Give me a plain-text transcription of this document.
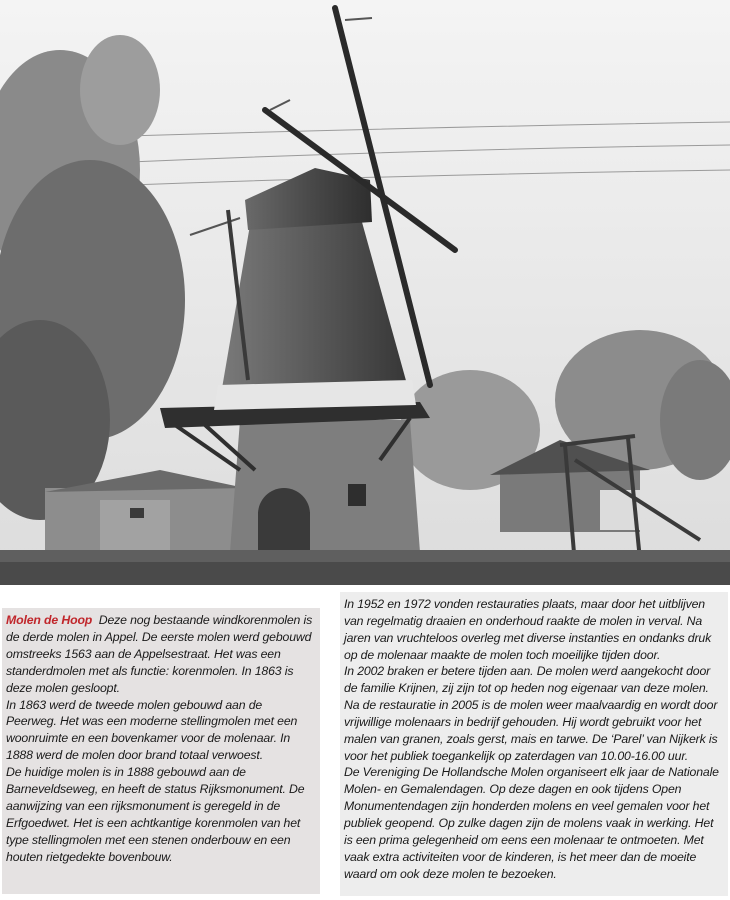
Molen de Hoop Deze nog bestaande windkorenmolen is de derde molen in Appel. De eerste molen werd gebouwd omstreeks 1563 aan de Appelsestraat. Het was een standerdmolen met als functie: korenmolen. In 1863 is deze molen gesloopt.

In 1863 werd de tweede molen gebouwd aan de Peerweg. Het was een moderne stellingmolen met een woonruimte en een bovenkamer voor de molenaar. In 1888 werd de molen door brand totaal verwoest.

De huidige molen is in 1888 gebouwd aan de Barneveldseweg, en heeft de status Rijksmonument. De aanwijzing van een rijksmonument is geregeld in de Erfgoedwet. Het is een achtkantige korenmolen van het type stellingmolen met een stenen onderbouw en een houten rietgedekte bovenbouw.

In 1952 en 1972 vonden restauraties plaats, maar door het uitblijven van regelmatig draaien en onderhoud raakte de molen in verval. Na jaren van vruchteloos overleg met diverse instanties en ondanks druk op de molenaar maakte de molen toch moeilijke tijden door.

In 2002 braken er betere tijden aan. De molen werd aangekocht door de familie Krijnen, zij zijn tot op heden nog eigenaar van deze molen.

Na de restauratie in 2005 is de molen weer maalvaardig en wordt door vrijwillige molenaars in bedrijf gehouden. Hij wordt gebruikt voor het malen van granen, zoals gerst, mais en tarwe. De ‘Parel’ van Nijkerk is voor het publiek toegankelijk op zaterdagen van 10.00-16.00 uur.

De Vereniging De Hollandsche Molen organiseert elk jaar de Nationale Molen- en Gemalendagen. Op deze dagen en ook tijdens Open Monumentendagen zijn honderden molens en veel gemalen voor het publiek geopend. Op zulke dagen zijn de molens vaak in werking. Het is een prima gelegenheid om eens een molenaar te ontmoeten. Met vaak extra activiteiten voor de kinderen, is het meer dan de moeite waard om ook deze molen te bezoeken.
